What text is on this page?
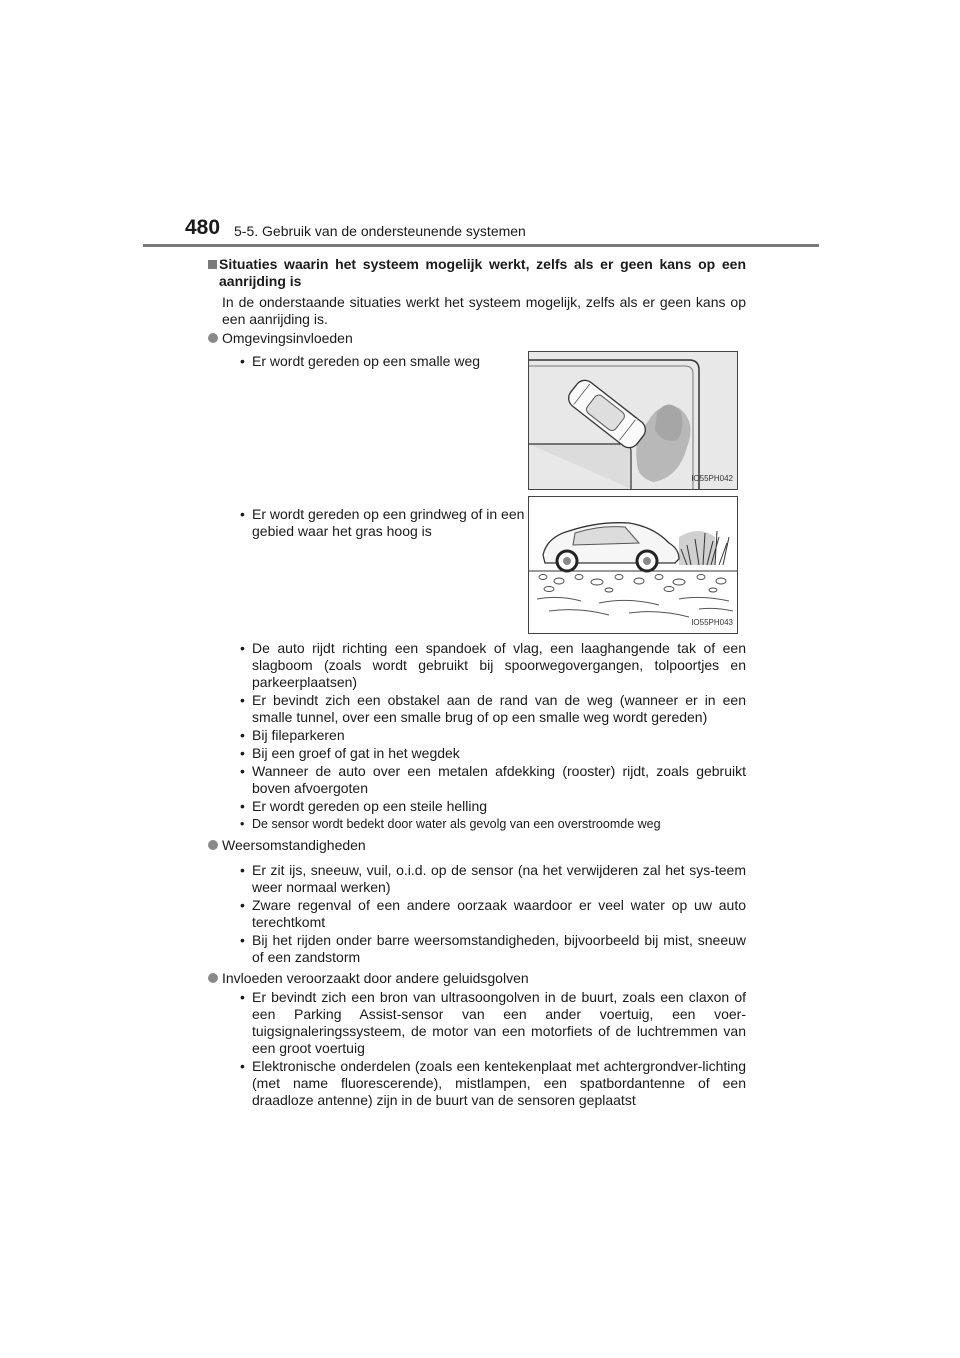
480 5-5. Gebruik van de ondersteunende systemen
Situaties waarin het systeem mogelijk werkt, zelfs als er geen kans op een aanrijding is
In de onderstaande situaties werkt het systeem mogelijk, zelfs als er geen kans op een aanrijding is.
Omgevingsinvloeden
• Er wordt gereden op een smalle weg
• Er wordt gereden op een grindweg of in een gebied waar het gras hoog is
IO55PH042
IO55PH043
• De auto rijdt richting een spandoek of vlag, een laaghangende tak of een slagboom (zoals wordt gebruikt bij spoorwegovergangen, tolpoortjes en parkeerplaatsen)
• Er bevindt zich een obstakel aan de rand van de weg (wanneer er in een smalle tunnel, over een smalle brug of op een smalle weg wordt gereden)
• Bij fileparkeren
• Bij een groef of gat in het wegdek
• Wanneer de auto over een metalen afdekking (rooster) rijdt, zoals gebruikt boven afvoergoten
• Er wordt gereden op een steile helling
• De sensor wordt bedekt door water als gevolg van een overstroomde weg
Weersomstandigheden
• Er zit ijs, sneeuw, vuil, o.i.d. op de sensor (na het verwijderen zal het sys-teem weer normaal werken)
• Zware regenval of een andere oorzaak waardoor er veel water op uw auto terechtkomt
• Bij het rijden onder barre weersomstandigheden, bijvoorbeeld bij mist, sneeuw of een zandstorm
Invloeden veroorzaakt door andere geluidsgolven
• Er bevindt zich een bron van ultrasoongolven in de buurt, zoals een claxon of een Parking Assist-sensor van een ander voertuig, een voer-tuigsignaleringssysteem, de motor van een motorfiets of de luchtremmen van een groot voertuig
• Elektronische onderdelen (zoals een kentekenplaat met achtergrondver-lichting (met name fluorescerende), mistlampen, een spatbordantenne of een draadloze antenne) zijn in de buurt van de sensoren geplaatst
